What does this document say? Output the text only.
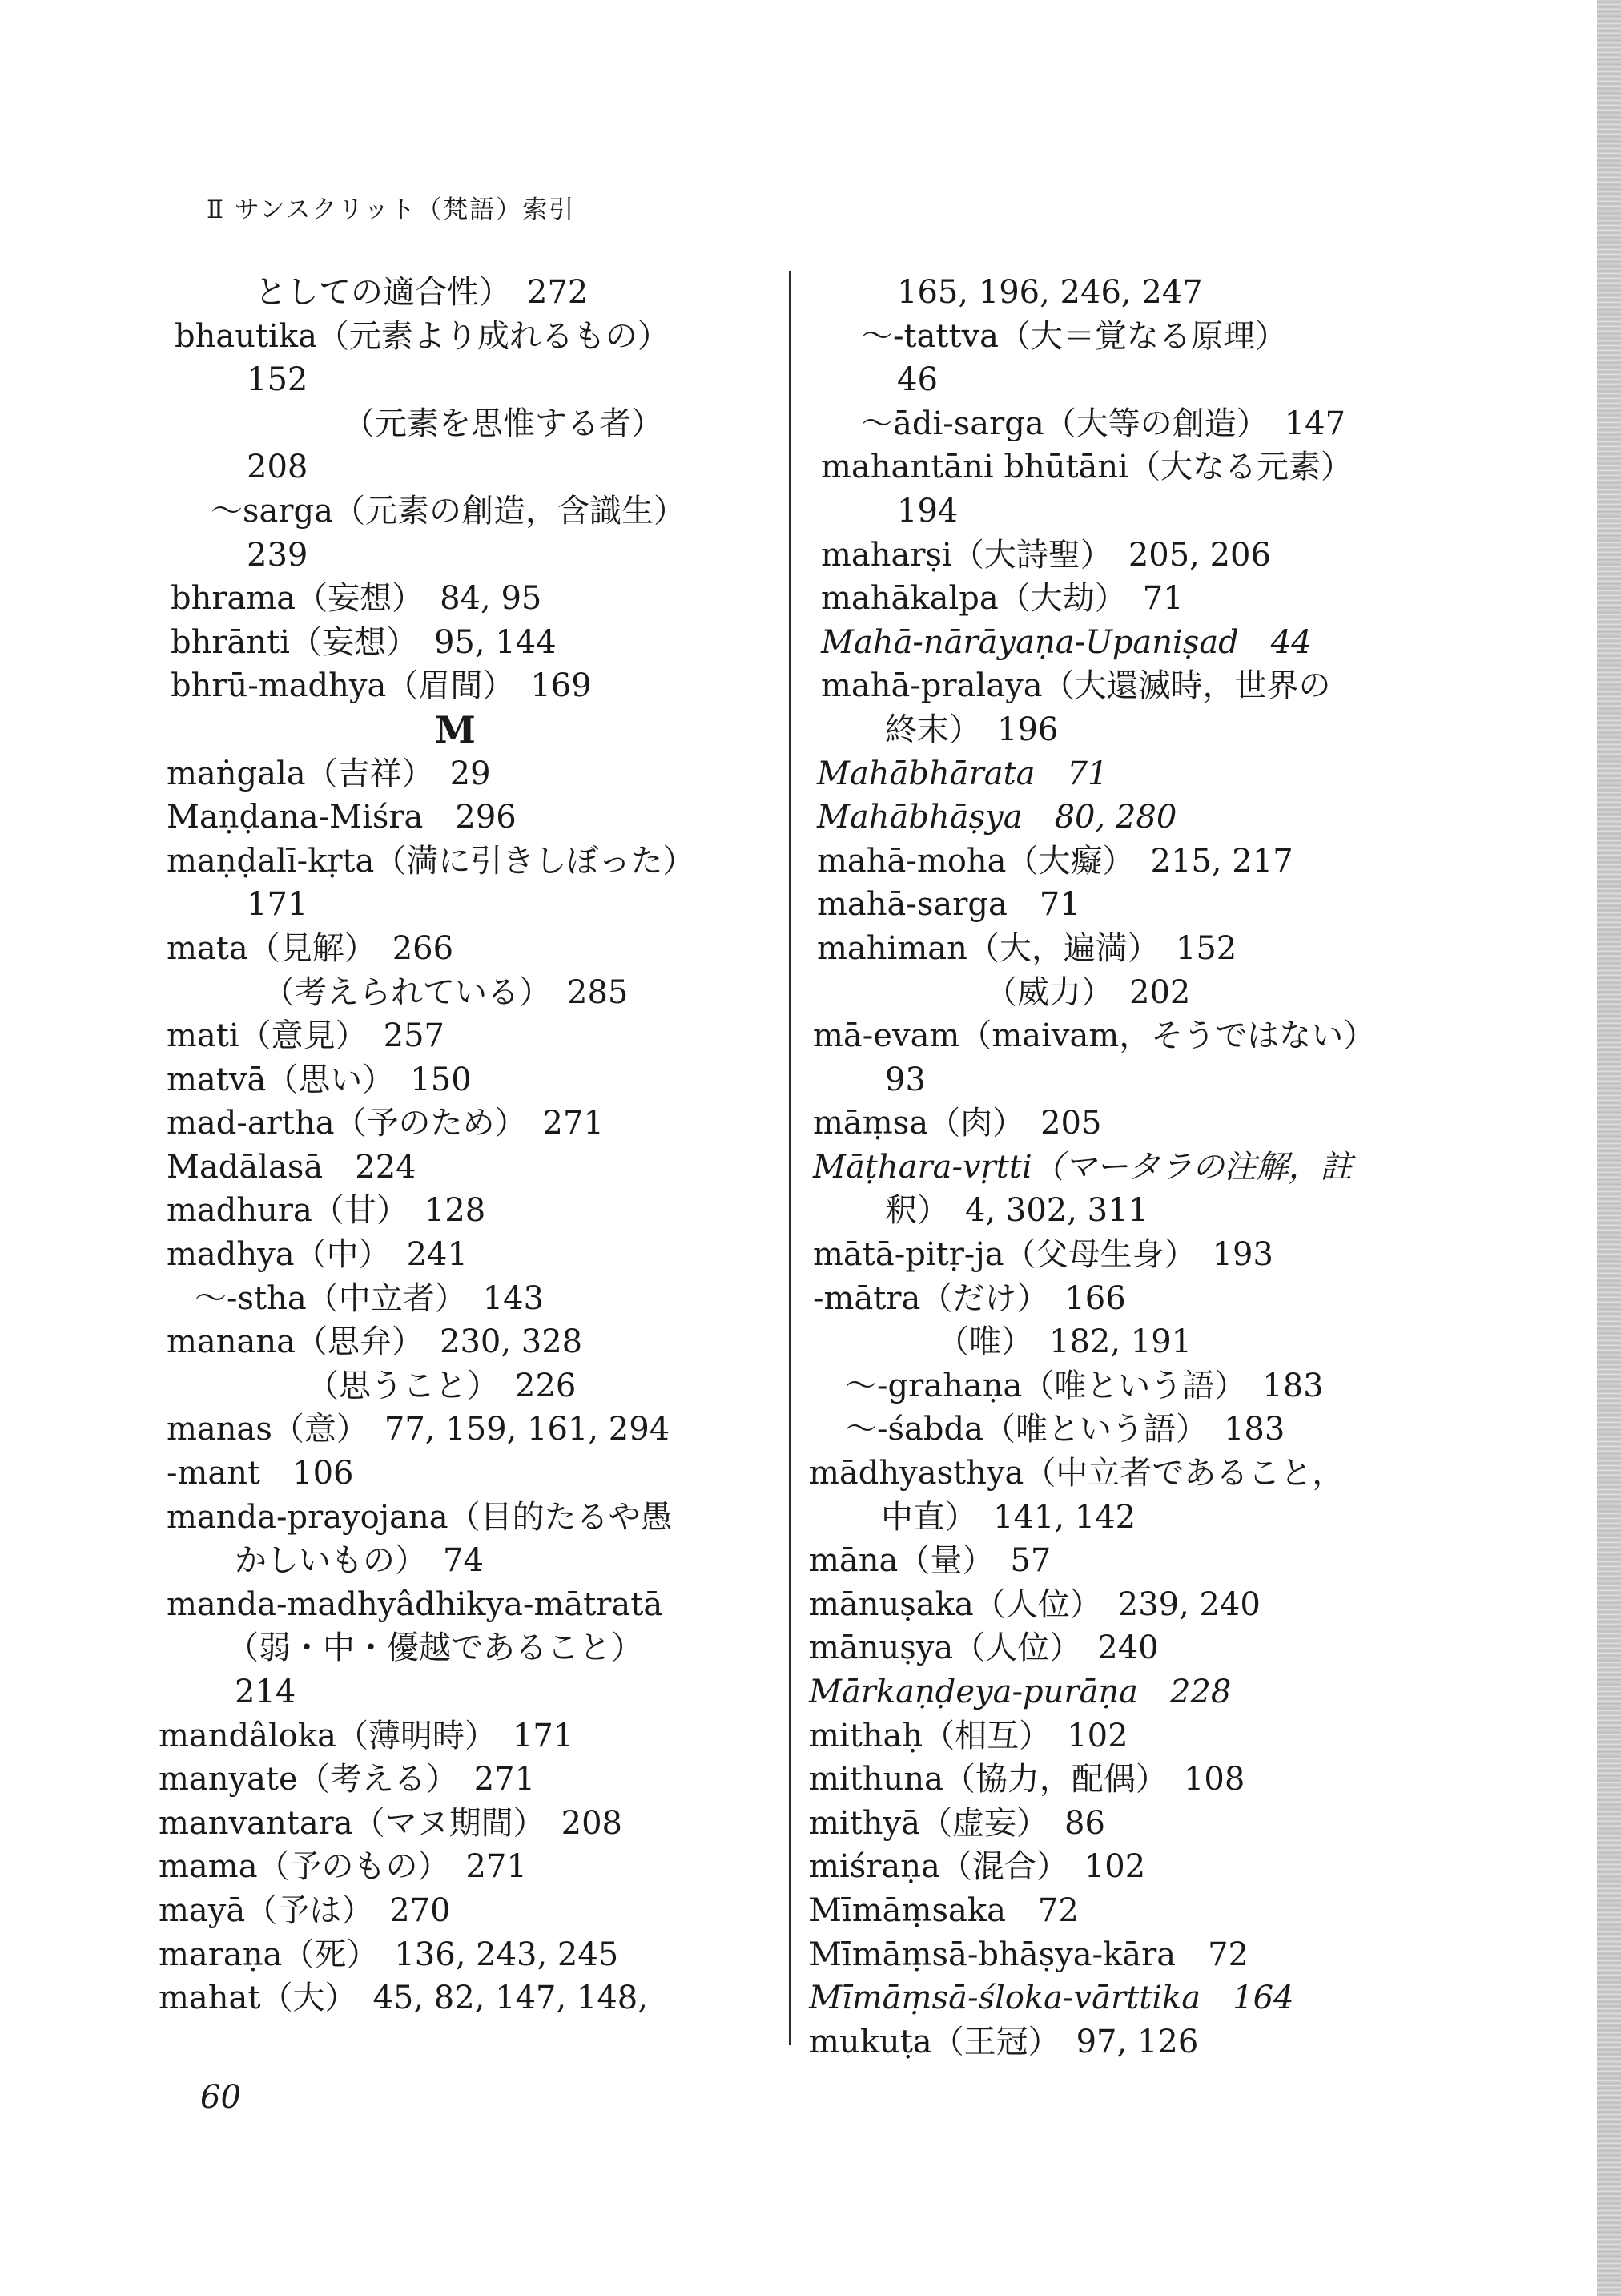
Ⅱ サンスクリット（梵語）索引
としての適合性）　272
bhautika（元素より成れるもの）
152
（元素を思惟する者）
208
～sarga（元素の創造，含識生）
239
bhrama（妄想）　84, 95
bhrānti（妄想）　95, 144
bhrū-madhya（眉間）　169
M
maṅgala（吉祥）　29
Maṇḍana-Miśra　296
maṇḍalī-kṛta（満に引きしぼった）
171
mata（見解）　266
（考えられている）　285
mati（意見）　257
matvā（思い）　150
mad-artha（予のため）　271
Madālasā　224
madhura（甘）　128
madhya（中）　241
～-stha（中立者）　143
manana（思弁）　230, 328
（思うこと）　226
manas（意）　77, 159, 161, 294
-mant　106
manda-prayojana（目的たるや愚
かしいもの）　74
manda-madhyâdhikya-mātratā
（弱・中・優越であること）
214
mandâloka（薄明時）　171
manyate（考える）　271
manvantara（マヌ期間）　208
mama（予のもの）　271
mayā（予は）　270
maraṇa（死）　136, 243, 245
mahat（大）　45, 82, 147, 148,
165, 196, 246, 247
～-tattva（大＝覚なる原理）
46
～ādi-sarga（大等の創造）　147
mahantāni bhūtāni（大なる元素）
194
maharṣi（大詩聖）　205, 206
mahākalpa（大劫）　71
Mahā-nārāyaṇa-Upaniṣad　44
mahā-pralaya（大還滅時，世界の
終末）　196
Mahābhārata　71
Mahābhāṣya　80, 280
mahā-moha（大癡）　215, 217
mahā-sarga　71
mahiman（大，遍満）　152
（威力）　202
mā-evam（maivam，そうではない）
93
māṃsa（肉）　205
Māṭhara-vṛtti（マータラの注解，註
釈）　4, 302, 311
mātā-pitṛ-ja（父母生身）　193
-mātra（だけ）　166
（唯）　182, 191
～-grahaṇa（唯という語）　183
～-śabda（唯という語）　183
mādhyasthya（中立者であること，
中直）　141, 142
māna（量）　57
mānuṣaka（人位）　239, 240
mānuṣya（人位）　240
Mārkaṇḍeya-purāṇa　228
mithaḥ（相互）　102
mithuna（協力，配偶）　108
mithyā（虚妄）　86
miśraṇa（混合）　102
Mīmāṃsaka　72
Mīmāṃsā-bhāṣya-kāra　72
Mīmāṃsā-śloka-vārttika　164
mukuṭa（王冠）　97, 126
60
